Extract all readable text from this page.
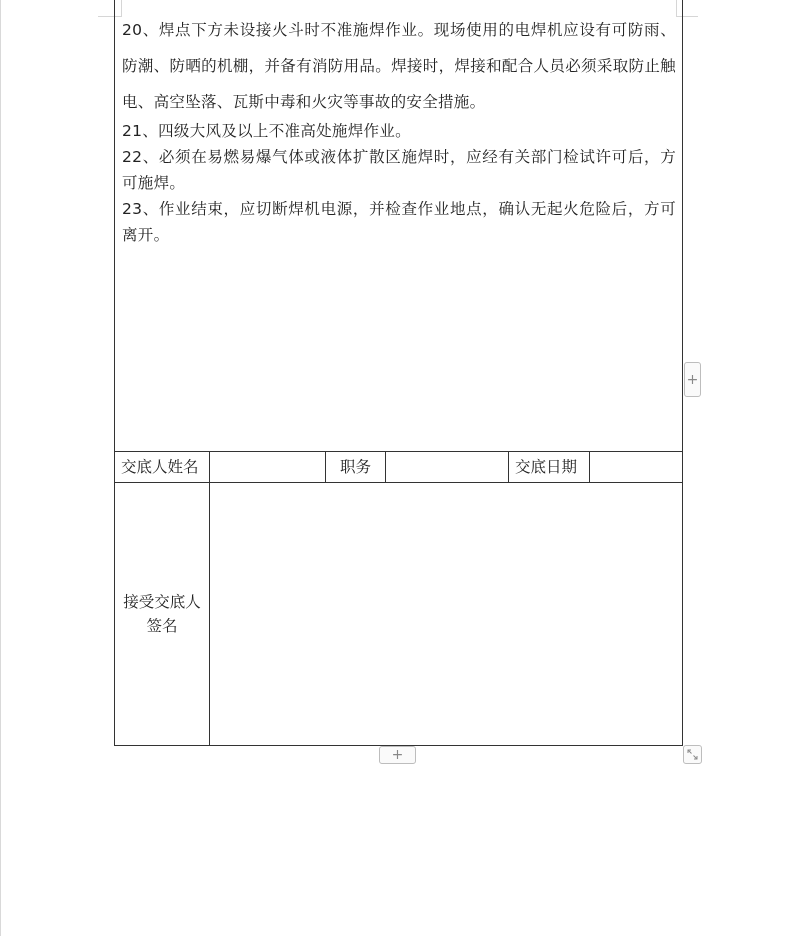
20、焊点下方未设接火斗时不准施焊作业。现场使用的电焊机应设有可防雨、防潮、防晒的机棚，并备有消防用品。焊接时，焊接和配合人员必须采取防止触电、高空坠落、瓦斯中毒和火灾等事故的安全措施。

21、四级大风及以上不准高处施焊作业。

22、必须在易燃易爆气体或液体扩散区施焊时，应经有关部门检试许可后，方可施焊。

23、作业结束，应切断焊机电源，并检查作业地点，确认无起火危险后，方可离开。

交底人姓名	职务	交底日期
接受交底人
签名
+
+
